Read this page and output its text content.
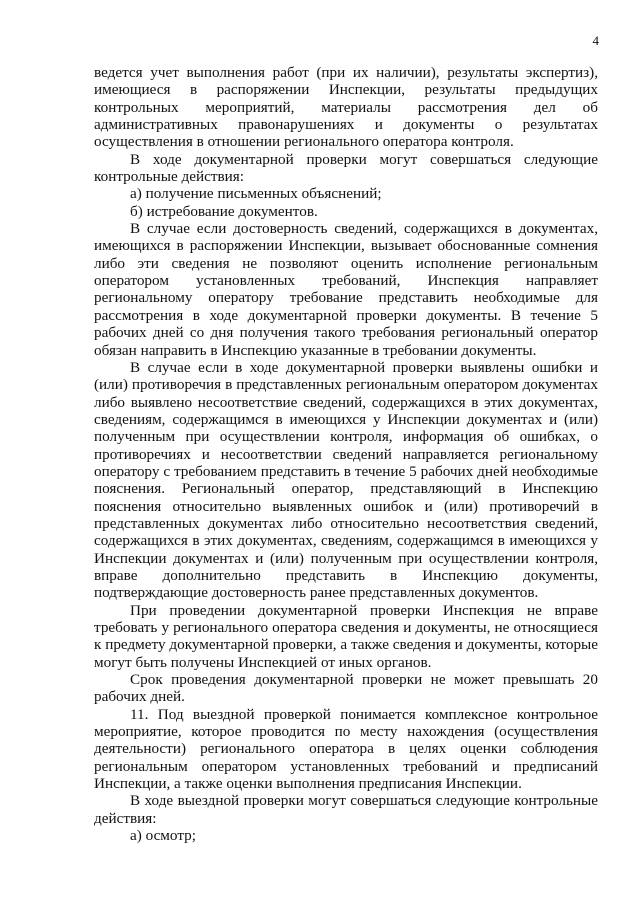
4

ведется учет выполнения работ (при их наличии), результаты экспертиз), имеющиеся в распоряжении Инспекции, результаты предыдущих контрольных мероприятий, материалы рассмотрения дел об административных правонарушениях и документы о результатах осуществления в отношении регионального оператора контроля.

В ходе документарной проверки могут совершаться следующие контрольные действия:

а) получение письменных объяснений;

б) истребование документов.

В случае если достоверность сведений, содержащихся в документах, имеющихся в распоряжении Инспекции, вызывает обоснованные сомнения либо эти сведения не позволяют оценить исполнение региональным оператором установленных требований, Инспекция направляет региональному оператору требование представить необходимые для рассмотрения в ходе документарной проверки документы. В течение 5 рабочих дней со дня получения такого требования региональный оператор обязан направить в Инспекцию указанные в требовании документы.

В случае если в ходе документарной проверки выявлены ошибки и (или) противоречия в представленных региональным оператором документах либо выявлено несоответствие сведений, содержащихся в этих документах, сведениям, содержащимся в имеющихся у Инспекции документах и (или) полученным при осуществлении контроля, информация об ошибках, о противоречиях и несоответствии сведений направляется региональному оператору с требованием представить в течение 5 рабочих дней необходимые пояснения. Региональный оператор, представляющий в Инспекцию пояснения относительно выявленных ошибок и (или) противоречий в представленных документах либо относительно несоответствия сведений, содержащихся в этих документах, сведениям, содержащимся в имеющихся у Инспекции документах и (или) полученным при осуществлении контроля, вправе дополнительно представить в Инспекцию документы, подтверждающие достоверность ранее представленных документов.

При проведении документарной проверки Инспекция не вправе требовать у регионального оператора сведения и документы, не относящиеся к предмету документарной проверки, а также сведения и документы, которые могут быть получены Инспекцией от иных органов.

Срок проведения документарной проверки не может превышать 20 рабочих дней.

11. Под выездной проверкой понимается комплексное контрольное мероприятие, которое проводится по месту нахождения (осуществления деятельности) регионального оператора в целях оценки соблюдения региональным оператором установленных требований и предписаний Инспекции, а также оценки выполнения предписания Инспекции.

В ходе выездной проверки могут совершаться следующие контрольные действия:

а) осмотр;
